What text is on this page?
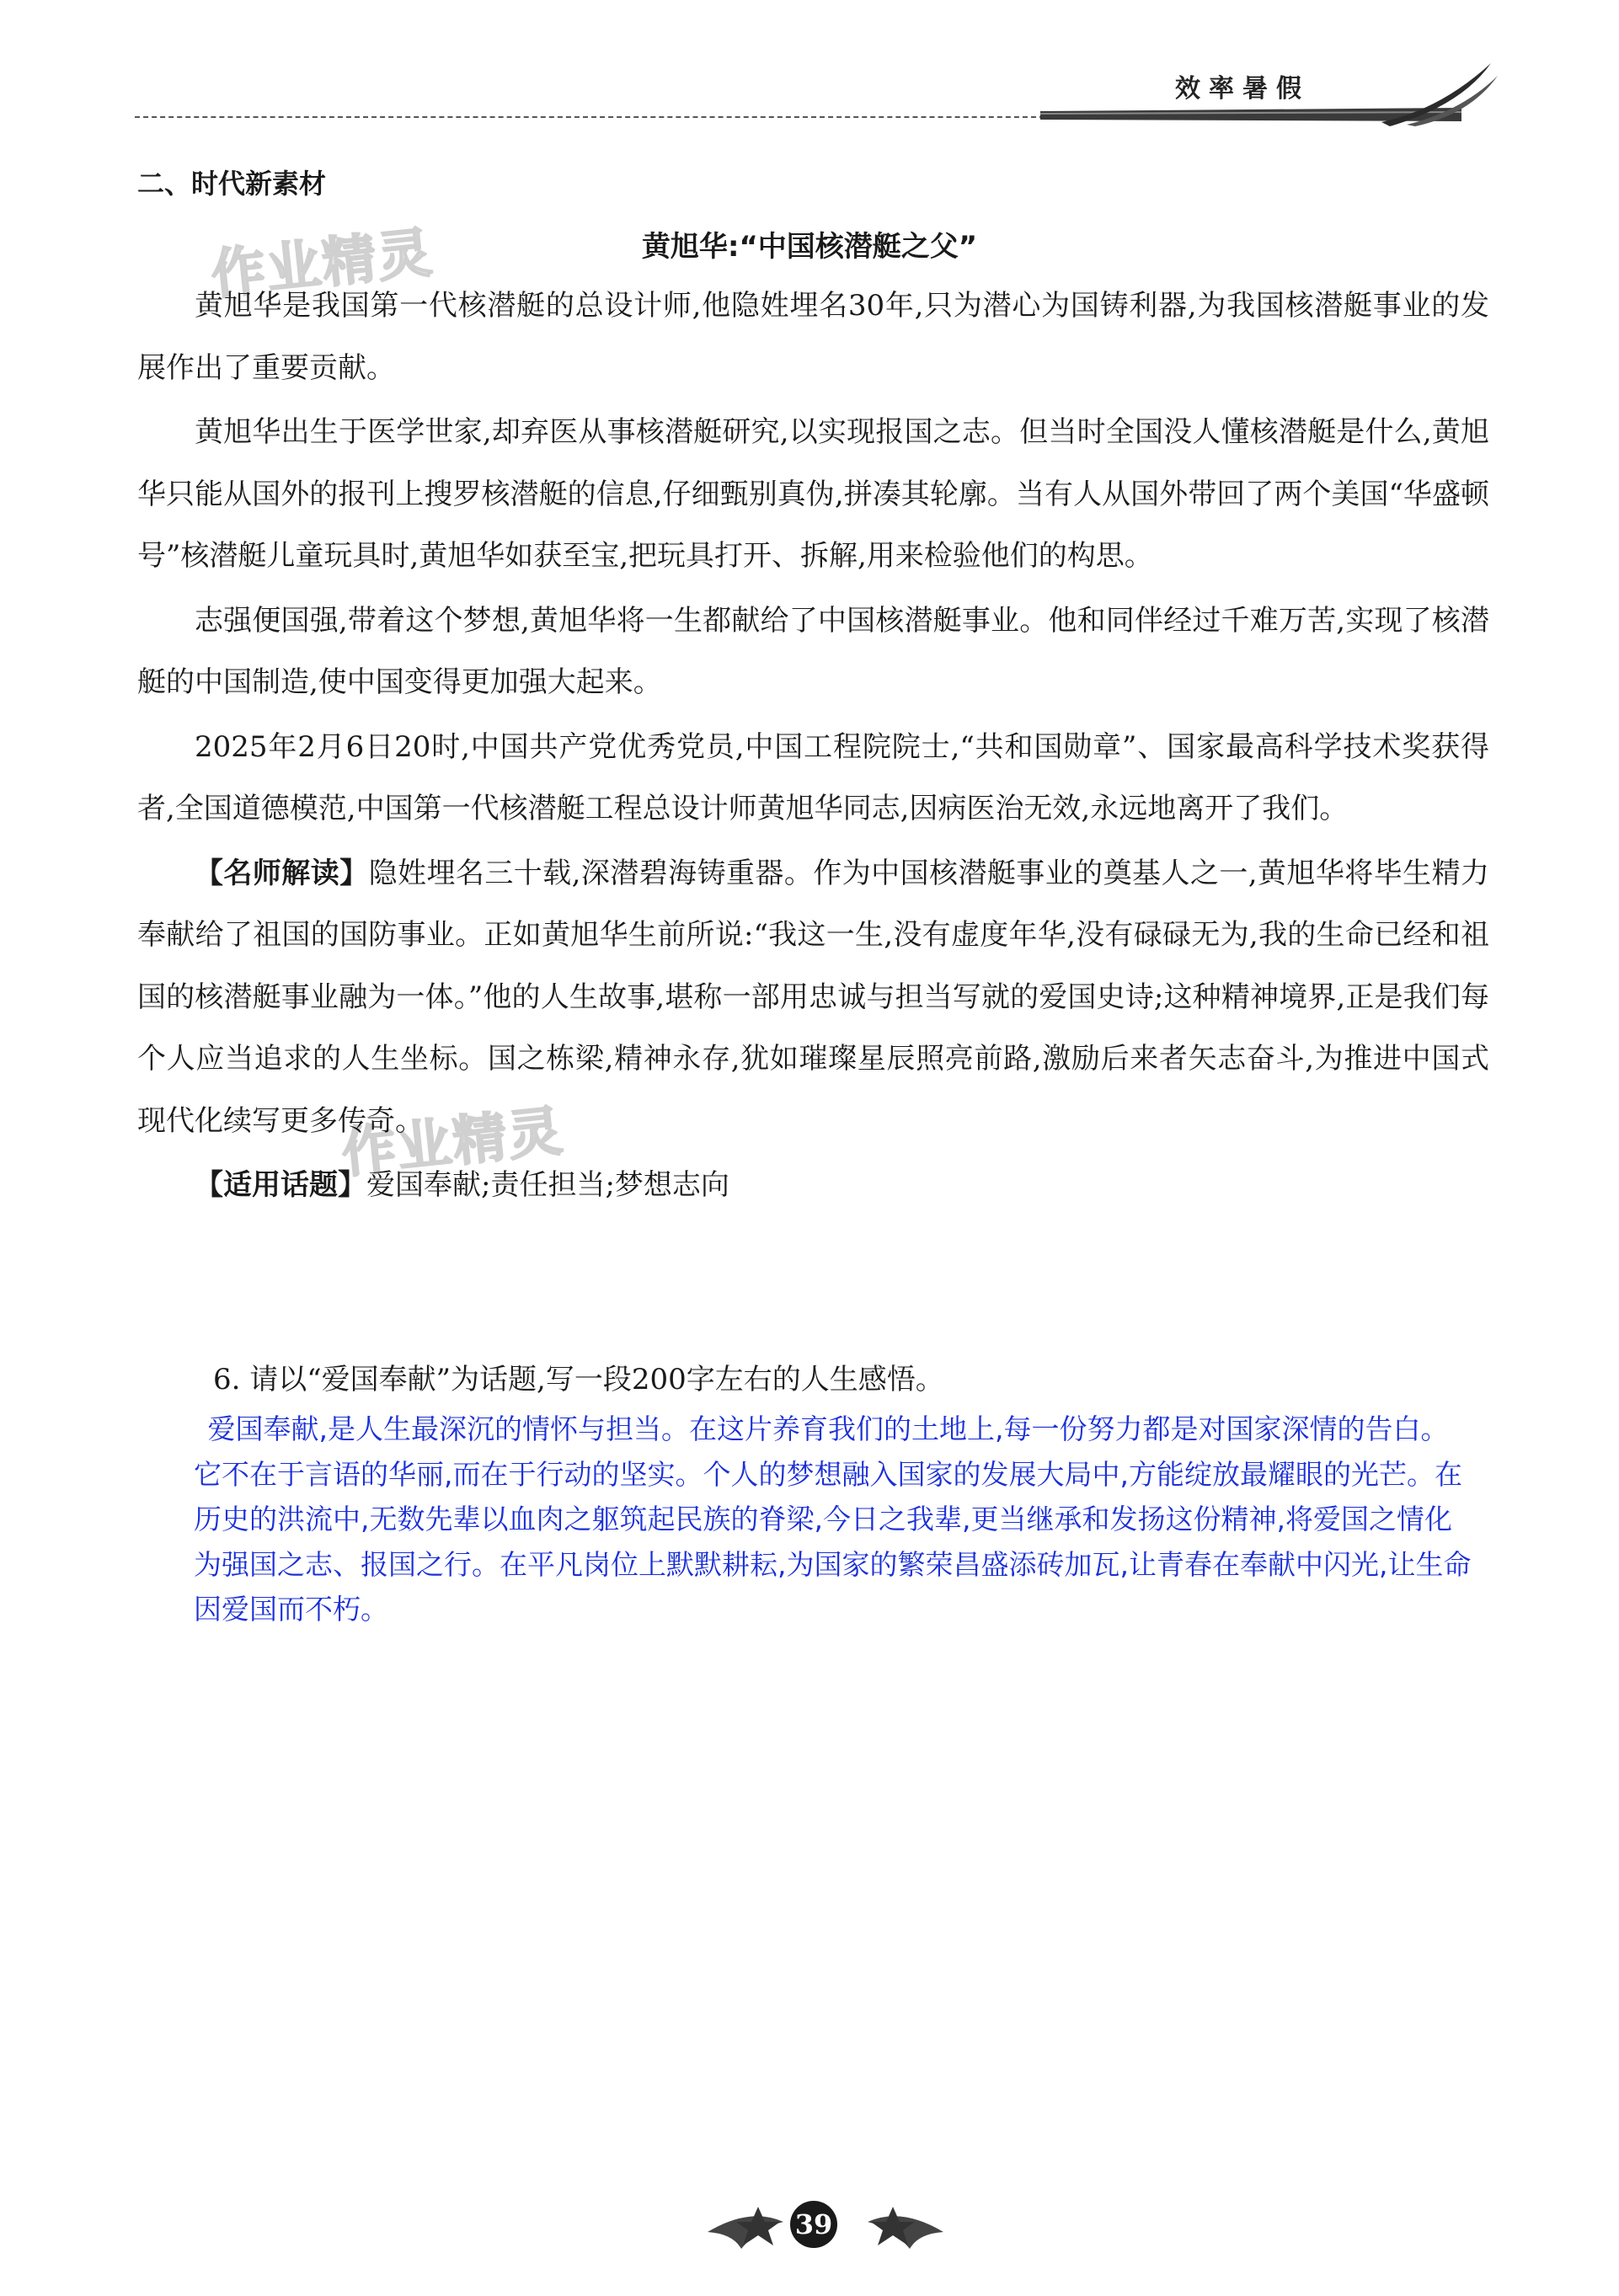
效率暑假
作业精灵
作业精灵
二、时代新素材
黄旭华:“中国核潜艇之父”

黄旭华是我国第一代核潜艇的总设计师,他隐姓埋名30年,只为潜心为国铸利器,为我国核潜艇事业的发展作出了重要贡献。

黄旭华出生于医学世家,却弃医从事核潜艇研究,以实现报国之志。但当时全国没人懂核潜艇是什么,黄旭华只能从国外的报刊上搜罗核潜艇的信息,仔细甄别真伪,拼凑其轮廓。当有人从国外带回了两个美国“华盛顿号”核潜艇儿童玩具时,黄旭华如获至宝,把玩具打开、拆解,用来检验他们的构思。

志强便国强,带着这个梦想,黄旭华将一生都献给了中国核潜艇事业。他和同伴经过千难万苦,实现了核潜艇的中国制造,使中国变得更加强大起来。

2025年2月6日20时,中国共产党优秀党员,中国工程院院士,“共和国勋章”、国家最高科学技术奖获得者,全国道德模范,中国第一代核潜艇工程总设计师黄旭华同志,因病医治无效,永远地离开了我们。

【名师解读】隐姓埋名三十载,深潜碧海铸重器。作为中国核潜艇事业的奠基人之一,黄旭华将毕生精力奉献给了祖国的国防事业。正如黄旭华生前所说:“我这一生,没有虚度年华,没有碌碌无为,我的生命已经和祖国的核潜艇事业融为一体。”他的人生故事,堪称一部用忠诚与担当写就的爱国史诗;这种精神境界,正是我们每个人应当追求的人生坐标。国之栋梁,精神永存,犹如璀璨星辰照亮前路,激励后来者矢志奋斗,为推进中国式现代化续写更多传奇。

【适用话题】爱国奉献;责任担当;梦想志向

6. 请以“爱国奉献”为话题,写一段200字左右的人生感悟。
爱国奉献,是人生最深沉的情怀与担当。在这片养育我们的土地上,每一份努力都是对国家深情的告白。它不在于言语的华丽,而在于行动的坚实。个人的梦想融入国家的发展大局中,方能绽放最耀眼的光芒。在历史的洪流中,无数先辈以血肉之躯筑起民族的脊梁,今日之我辈,更当继承和发扬这份精神,将爱国之情化为强国之志、报国之行。在平凡岗位上默默耕耘,为国家的繁荣昌盛添砖加瓦,让青春在奉献中闪光,让生命因爱国而不朽。
39
